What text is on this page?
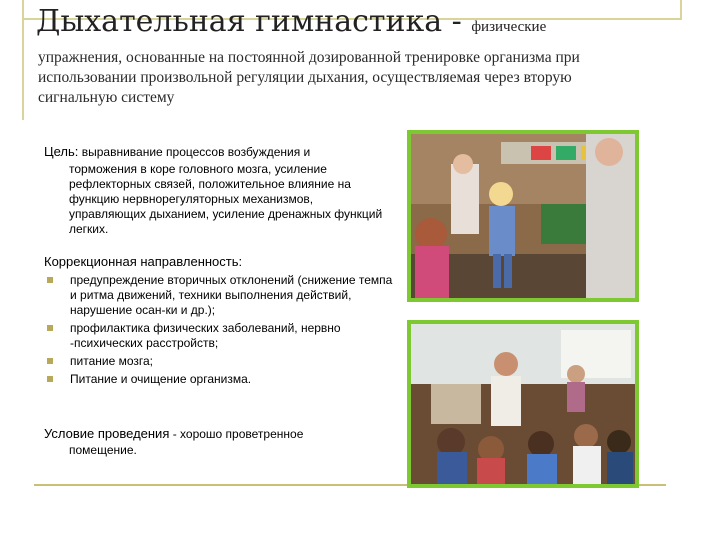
Дыхательная гимнастика - физические
упражнения, основанные на постоянной дозированной тренировке организма при использовании произвольной регуляции дыхания, осуществляемая через вторую сигнальную систему
Цель: выравнивание процессов возбуждения и
торможения в коре головного мозга, усиление рефлекторных связей, положительное влияние на функцию нервнорегуляторных механизмов, управляющих дыханием, усиление дренажных функций легких.
Коррекционная направленность:
предупреждение вторичных отклонений (снижение темпа и ритма движений, техники выполнения действий, нарушение осан-ки и др.);
профилактика физических заболеваний, нервно -психических расстройств;
питание мозга;
Питание и очищение организма.
Условие проведения - хорошо проветренное
помещение.
